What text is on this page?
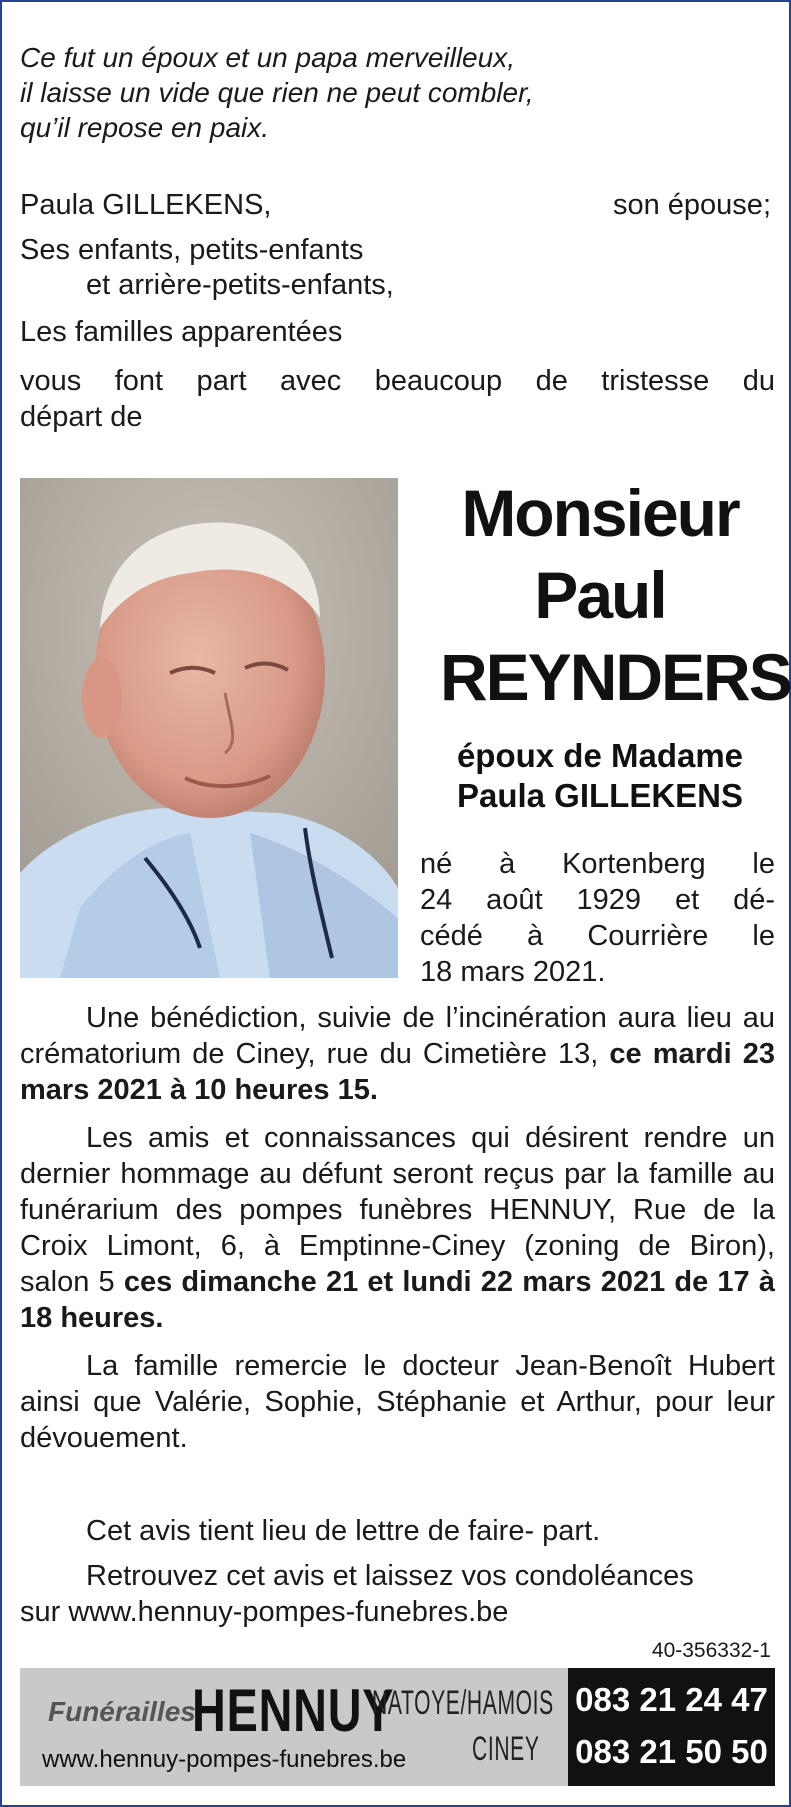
Ce fut un époux et un papa merveilleux,
il laisse un vide que rien ne peut combler,
qu’il repose en paix.
Paula GILLEKENS,	son épouse;
Ses enfants, petits-enfants
et arrière-petits-enfants,
Les familles apparentées
vous font part avec beaucoup de tristesse du
départ de
Monsieur
Paul
REYNDERS
époux de Madame
Paula GILLEKENS
né à Kortenberg le
24 août 1929 et dé-
cédé à Courrière le
18 mars 2021.

Une bénédiction, suivie de l’incinération aura lieu au crématorium de Ciney, rue du Cimetière 13, ce mardi 23 mars 2021 à 10 heures 15.

Les amis et connaissances qui désirent rendre un dernier hommage au défunt seront reçus par la famille au funérarium des pompes funèbres HENNUY, Rue de la Croix Limont, 6, à Emptinne-Ciney (zoning de Biron), salon 5 ces dimanche 21 et lundi 22 mars 2021 de 17 à 18 heures.

La famille remercie le docteur Jean-Benoît Hubert ainsi que Valérie, Sophie, Stéphanie et Arthur, pour leur dévouement.

Cet avis tient lieu de lettre de faire- part.

Retrouvez cet avis et laissez vos condoléances
sur www.hennuy-pompes-funebres.be
40-356332-1
Funérailles
HENNUY
NATOYE/HAMOIS
CINEY
www.hennuy-pompes-funebres.be
083 21 24 47
083 21 50 50
